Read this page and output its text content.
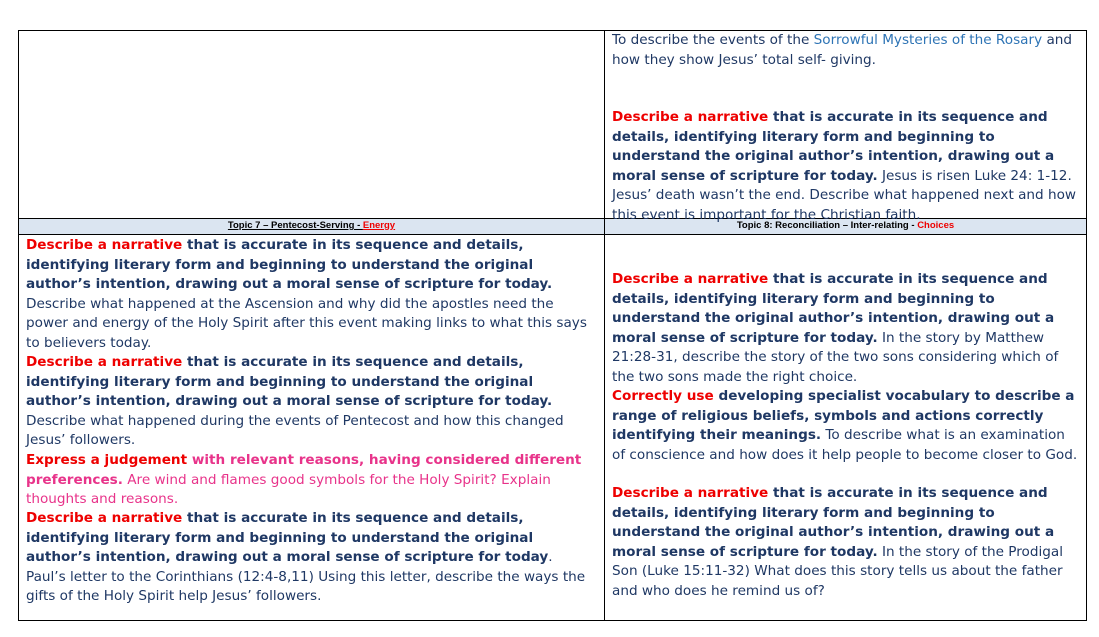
Topic 7 – Pentecost-Serving - Energy	Topic 8: Reconciliation – Inter-relating - Choices
To describe the events of the Sorrowful Mysteries of the Rosary and how they show Jesus’ total self- giving.
Describe a narrative that is accurate in its sequence and details, identifying literary form and beginning to understand the original author’s intention, drawing out a moral sense of scripture for today. Jesus is risen Luke 24: 1-12. Jesus’ death wasn’t the end. Describe what happened next and how this event is important for the Christian faith.
Describe a narrative that is accurate in its sequence and details, identifying literary form and beginning to understand the original author’s intention, drawing out a moral sense of scripture for today. Describe what happened at the Ascension and why did the apostles need the power and energy of the Holy Spirit after this event making links to what this says to believers today.
Describe a narrative that is accurate in its sequence and details, identifying literary form and beginning to understand the original author’s intention, drawing out a moral sense of scripture for today. Describe what happened during the events of Pentecost and how this changed Jesus’ followers.
Express a judgement with relevant reasons, having considered different preferences. Are wind and flames good symbols for the Holy Spirit? Explain thoughts and reasons.
Describe a narrative that is accurate in its sequence and details, identifying literary form and beginning to understand the original author’s intention, drawing out a moral sense of scripture for today. Paul’s letter to the Corinthians (12:4-8,11) Using this letter, describe the ways the gifts of the Holy Spirit help Jesus’ followers.
Describe a narrative that is accurate in its sequence and details, identifying literary form and beginning to understand the original author’s intention, drawing out a moral sense of scripture for today. In the story by Matthew 21:28-31, describe the story of the two sons considering which of the two sons made the right choice.
Correctly use developing specialist vocabulary to describe a range of religious beliefs, symbols and actions correctly identifying their meanings. To describe what is an examination of conscience and how does it help people to become closer to God.
Describe a narrative that is accurate in its sequence and details, identifying literary form and beginning to understand the original author’s intention, drawing out a moral sense of scripture for today. In the story of the Prodigal Son (Luke 15:11-32) What does this story tells us about the father and who does he remind us of?
